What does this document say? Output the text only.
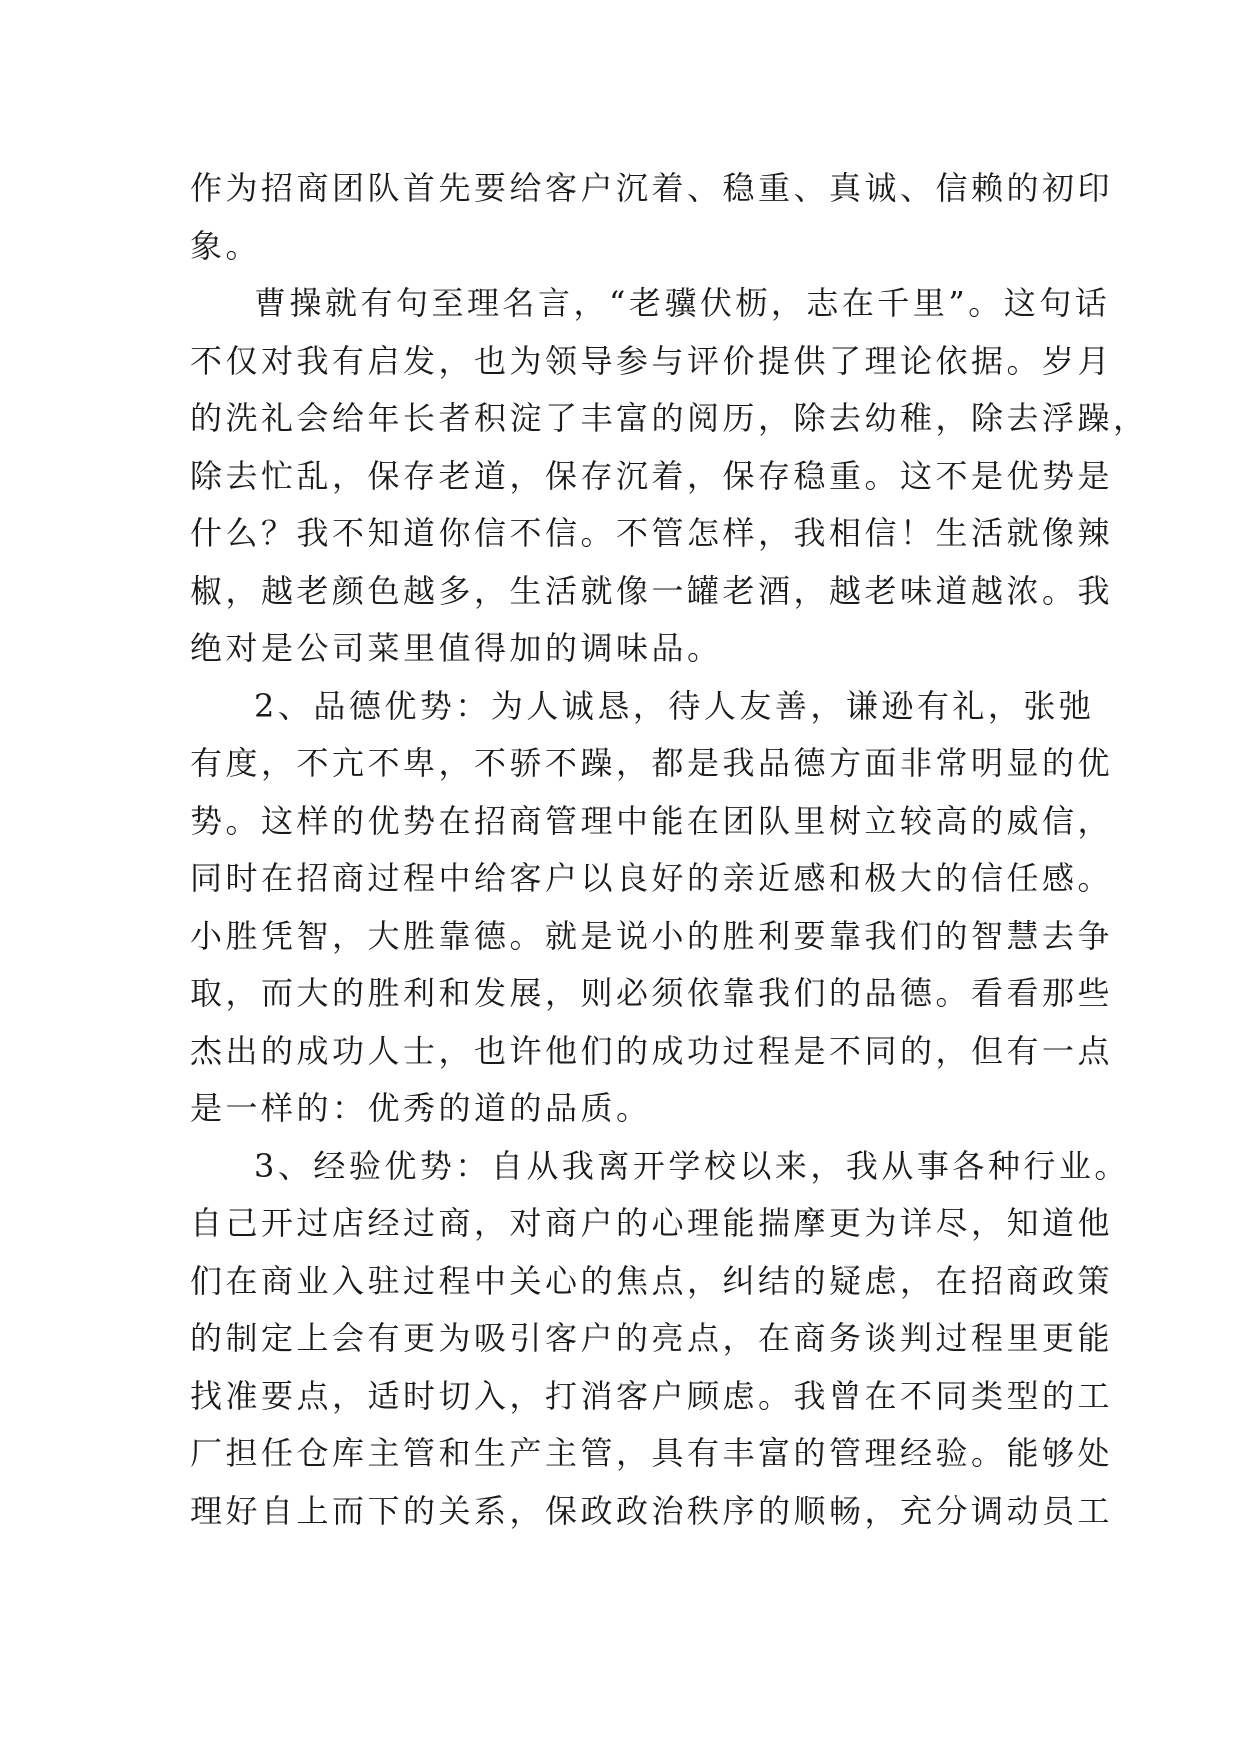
作为招商团队首先要给客户沉着、稳重、真诚、信赖的初印
象。
曹操就有句至理名言，“老骥伏枥，志在千里”。这句话
不仅对我有启发，也为领导参与评价提供了理论依据。岁月
的洗礼会给年长者积淀了丰富的阅历，除去幼稚，除去浮躁，
除去忙乱，保存老道，保存沉着，保存稳重。这不是优势是
什么？我不知道你信不信。不管怎样，我相信！生活就像辣
椒，越老颜色越多，生活就像一罐老酒，越老味道越浓。我
绝对是公司菜里值得加的调味品。
2、品德优势：为人诚恳，待人友善，谦逊有礼，张弛
有度，不亢不卑，不骄不躁，都是我品德方面非常明显的优
势。这样的优势在招商管理中能在团队里树立较高的威信，
同时在招商过程中给客户以良好的亲近感和极大的信任感。
小胜凭智，大胜靠德。就是说小的胜利要靠我们的智慧去争
取，而大的胜利和发展，则必须依靠我们的品德。看看那些
杰出的成功人士，也许他们的成功过程是不同的，但有一点
是一样的：优秀的道的品质。
3、经验优势：自从我离开学校以来，我从事各种行业。
自己开过店经过商，对商户的心理能揣摩更为详尽，知道他
们在商业入驻过程中关心的焦点，纠结的疑虑，在招商政策
的制定上会有更为吸引客户的亮点，在商务谈判过程里更能
找准要点，适时切入，打消客户顾虑。我曾在不同类型的工
厂担任仓库主管和生产主管，具有丰富的管理经验。能够处
理好自上而下的关系，保政政治秩序的顺畅，充分调动员工
